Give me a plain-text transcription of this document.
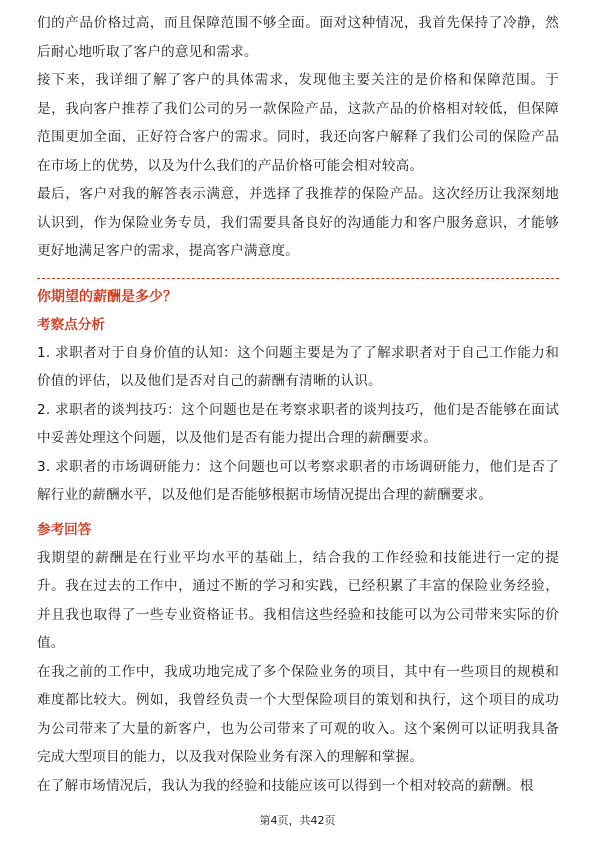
们的产品价格过高，而且保障范围不够全面。面对这种情况，我首先保持了冷静，然后耐心地听取了客户的意见和需求。

接下来，我详细了解了客户的具体需求，发现他主要关注的是价格和保障范围。于是，我向客户推荐了我们公司的另一款保险产品，这款产品的价格相对较低，但保障范围更加全面，正好符合客户的需求。同时，我还向客户解释了我们公司的保险产品在市场上的优势，以及为什么我们的产品价格可能会相对较高。

最后，客户对我的解答表示满意，并选择了我推荐的保险产品。这次经历让我深刻地认识到，作为保险业务专员，我们需要具备良好的沟通能力和客户服务意识，才能够更好地满足客户的需求，提高客户满意度。

你期望的薪酬是多少？
考察点分析

1. 求职者对于自身价值的认知：这个问题主要是为了了解求职者对于自己工作能力和价值的评估，以及他们是否对自己的薪酬有清晰的认识。

2. 求职者的谈判技巧：这个问题也是在考察求职者的谈判技巧，他们是否能够在面试中妥善处理这个问题，以及他们是否有能力提出合理的薪酬要求。

3. 求职者的市场调研能力：这个问题也可以考察求职者的市场调研能力，他们是否了解行业的薪酬水平，以及他们是否能够根据市场情况提出合理的薪酬要求。

参考回答

我期望的薪酬是在行业平均水平的基础上，结合我的工作经验和技能进行一定的提升。我在过去的工作中，通过不断的学习和实践，已经积累了丰富的保险业务经验，并且我也取得了一些专业资格证书。我相信这些经验和技能可以为公司带来实际的价值。

在我之前的工作中，我成功地完成了多个保险业务的项目，其中有一些项目的规模和难度都比较大。例如，我曾经负责一个大型保险项目的策划和执行，这个项目的成功为公司带来了大量的新客户，也为公司带来了可观的收入。这个案例可以证明我具备完成大型项目的能力，以及我对保险业务有深入的理解和掌握。

在了解市场情况后，我认为我的经验和技能应该可以得到一个相对较高的薪酬。根

第4页，共42页
